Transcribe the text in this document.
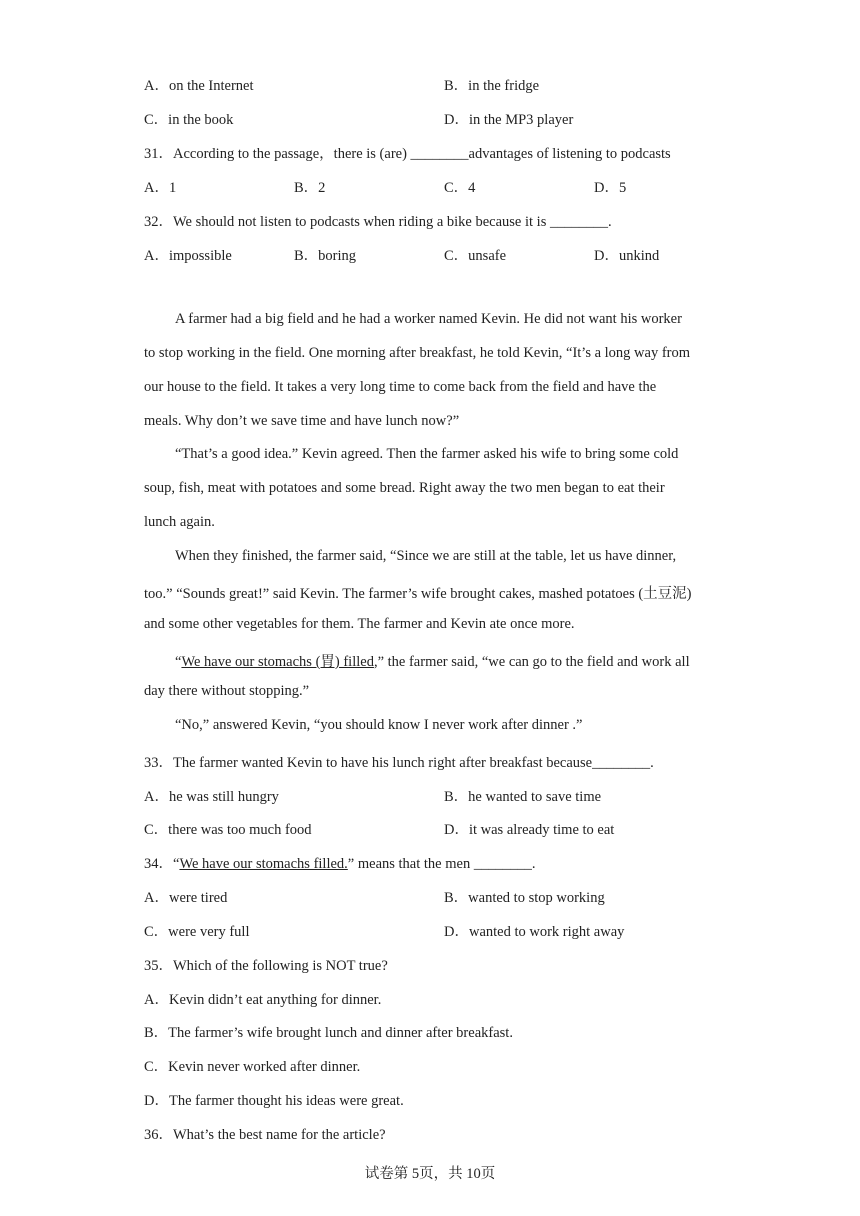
A．on the Internet	B．in the fridge
C．in the book	D．in the MP3 player
31．According to the passage，there is (are) ________advantages of listening to podcasts
A．1	B．2	C．4	D．5
32．We should not listen to podcasts when riding a bike because it is ________.
A．impossible	B．boring	C．unsafe	D．unkind
A farmer had a big field and he had a worker named Kevin. He did not want his worker
to stop working in the field. One morning after breakfast, he told Kevin, “It’s a long way from
our house to the field. It takes a very long time to come back from the field and have the
meals. Why don’t we save time and have lunch now?”
“That’s a good idea.” Kevin agreed. Then the farmer asked his wife to bring some cold
soup, fish, meat with potatoes and some bread. Right away the two men began to eat their
lunch again.
When they finished, the farmer said, “Since we are still at the table, let us have dinner,
too.” “Sounds great!” said Kevin. The farmer’s wife brought cakes, mashed potatoes (土豆泥)
and some other vegetables for them. The farmer and Kevin ate once more.
“We have our stomachs (胃) filled,” the farmer said, “we can go to the field and work all
day there without stopping.”
“No,” answered Kevin, “you should know I never work after dinner .”
33．The farmer wanted Kevin to have his lunch right after breakfast because________.
A．he was still hungry	B．he wanted to save time
C．there was too much food	D．it was already time to eat
34．“We have our stomachs filled.” means that the men ________.
A．were tired	B．wanted to stop working
C．were very full	D．wanted to work right away
35．Which of the following is NOT true?
A．Kevin didn’t eat anything for dinner.
B．The farmer’s wife brought lunch and dinner after breakfast.
C．Kevin never worked after dinner.
D．The farmer thought his ideas were great.
36．What’s the best name for the article?
试卷第 5页，共 10页
